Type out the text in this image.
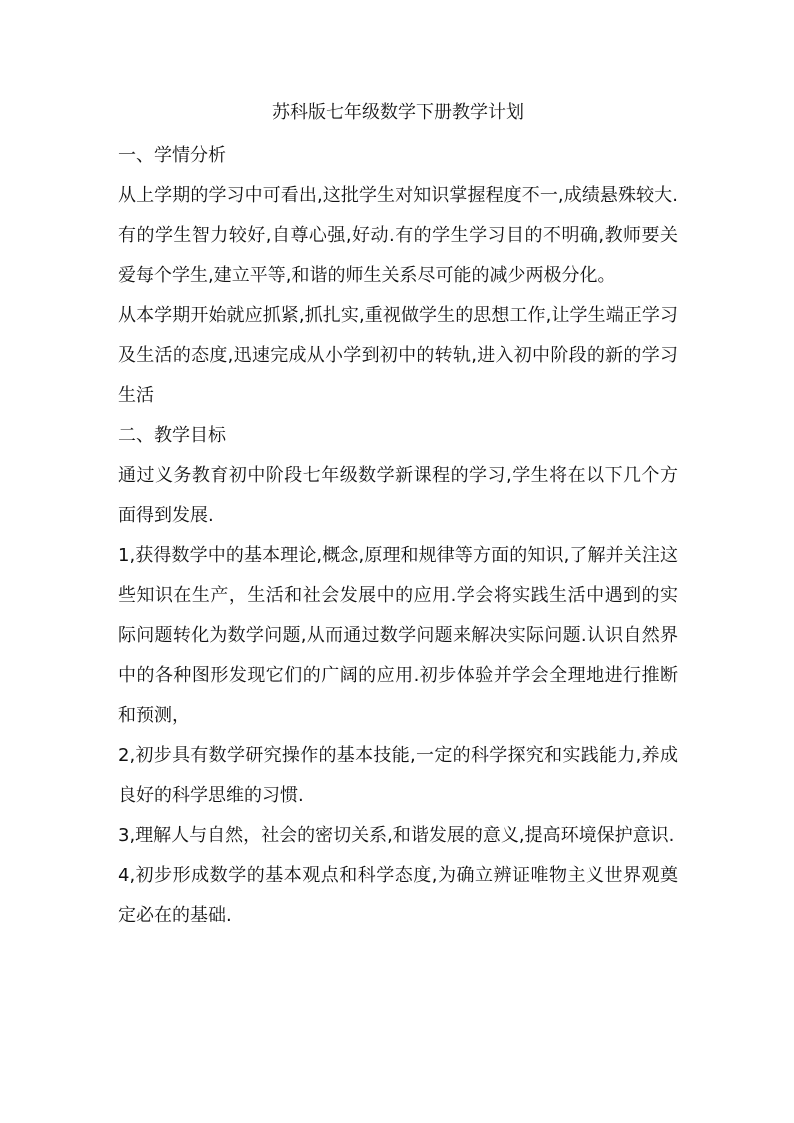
苏科版七年级数学下册教学计划

一、学情分析

从上学期的学习中可看出,这批学生对知识掌握程度不一,成绩悬殊较大.有的学生智力较好,自尊心强,好动.有的学生学习目的不明确,教师要关爱每个学生,建立平等,和谐的师生关系尽可能的减少两极分化。

从本学期开始就应抓紧,抓扎实,重视做学生的思想工作,让学生端正学习及生活的态度,迅速完成从小学到初中的转轨,进入初中阶段的新的学习生活

二、教学目标

通过义务教育初中阶段七年级数学新课程的学习,学生将在以下几个方面得到发展.

1,获得数学中的基本理论,概念,原理和规律等方面的知识,了解并关注这些知识在生产，生活和社会发展中的应用.学会将实践生活中遇到的实际问题转化为数学问题,从而通过数学问题来解决实际问题.认识自然界中的各种图形发现它们的广阔的应用.初步体验并学会全理地进行推断和预测，

2,初步具有数学研究操作的基本技能,一定的科学探究和实践能力,养成良好的科学思维的习惯.

3,理解人与自然，社会的密切关系,和谐发展的意义,提高环境保护意识.

4,初步形成数学的基本观点和科学态度,为确立辨证唯物主义世界观奠定必在的基础.
